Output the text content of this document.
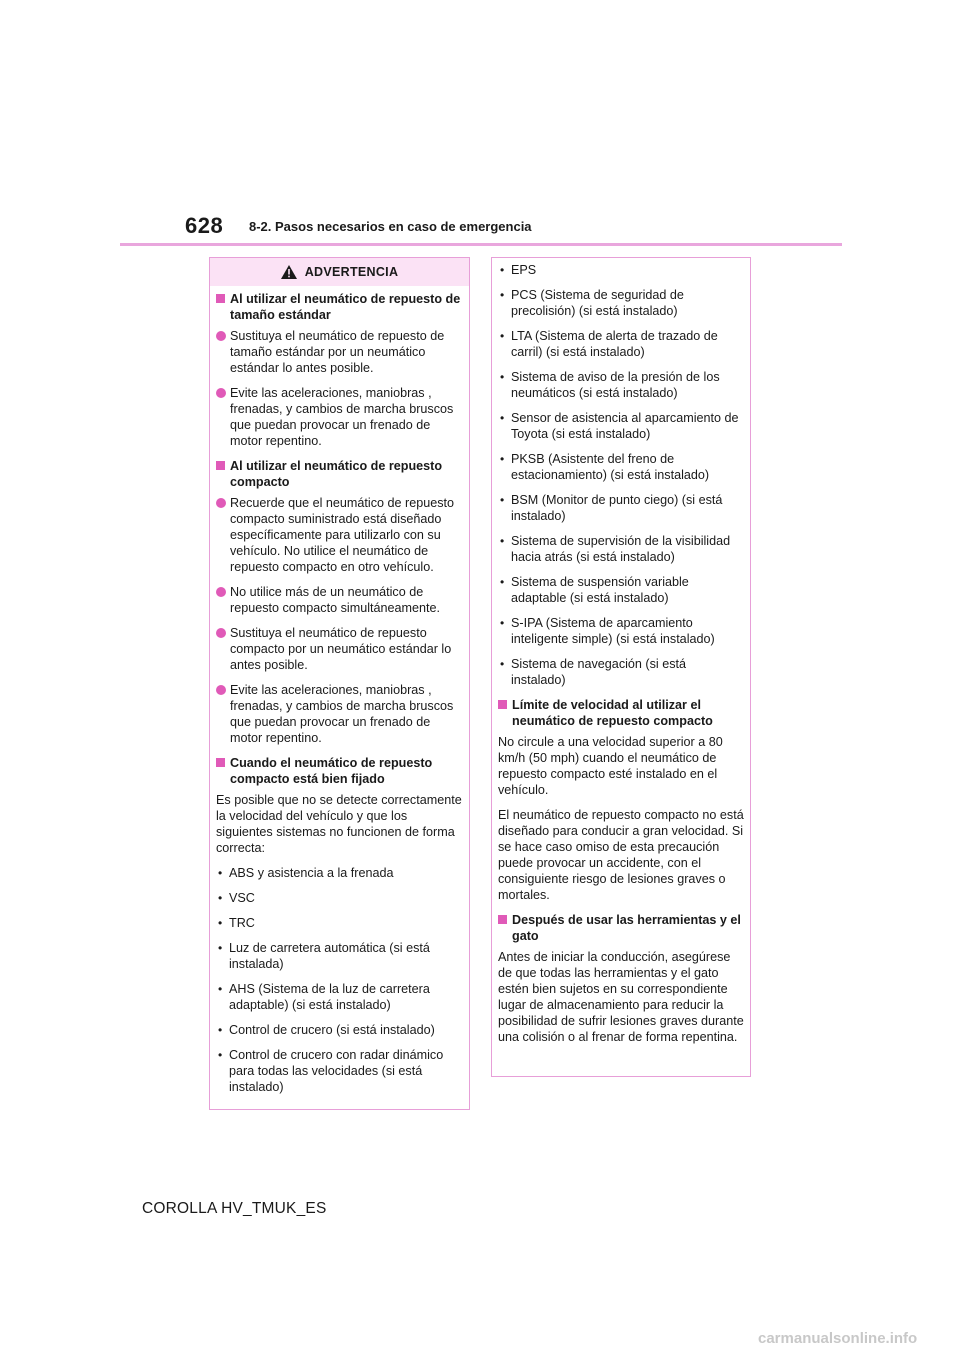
628 8-2. Pasos necesarios en caso de emergencia
ADVERTENCIA
Al utilizar el neumático de repuesto de tamaño estándar
Sustituya el neumático de repuesto de tamaño estándar por un neumático estándar lo antes posible.
Evite las aceleraciones, maniobras , frenadas, y cambios de marcha bruscos que puedan provocar un frenado de motor repentino.
Al utilizar el neumático de repuesto compacto
Recuerde que el neumático de repuesto compacto suministrado está diseñado específicamente para utilizarlo con su vehículo. No utilice el neumático de repuesto compacto en otro vehículo.
No utilice más de un neumático de repuesto compacto simultáneamente.
Sustituya el neumático de repuesto compacto por un neumático estándar lo antes posible.
Evite las aceleraciones, maniobras , frenadas, y cambios de marcha bruscos que puedan provocar un frenado de motor repentino.
Cuando el neumático de repuesto compacto está bien fijado
Es posible que no se detecte correctamente la velocidad del vehículo y que los siguientes sistemas no funcionen de forma correcta:
• ABS y asistencia a la frenada
• VSC
• TRC
• Luz de carretera automática (si está instalada)
• AHS (Sistema de la luz de carretera adaptable) (si está instalado)
• Control de crucero (si está instalado)
• Control de crucero con radar dinámico para todas las velocidades (si está instalado)
• EPS
• PCS (Sistema de seguridad de precolisión) (si está instalado)
• LTA (Sistema de alerta de trazado de carril) (si está instalado)
• Sistema de aviso de la presión de los neumáticos (si está instalado)
• Sensor de asistencia al aparcamiento de Toyota (si está instalado)
• PKSB (Asistente del freno de estacionamiento) (si está instalado)
• BSM (Monitor de punto ciego) (si está instalado)
• Sistema de supervisión de la visibilidad hacia atrás (si está instalado)
• Sistema de suspensión variable adaptable (si está instalado)
• S-IPA (Sistema de aparcamiento inteligente simple) (si está instalado)
• Sistema de navegación (si está instalado)
Límite de velocidad al utilizar el neumático de repuesto compacto
No circule a una velocidad superior a 80 km/h (50 mph) cuando el neumático de repuesto compacto esté instalado en el vehículo.
El neumático de repuesto compacto no está diseñado para conducir a gran velocidad. Si se hace caso omiso de esta precaución puede provocar un accidente, con el consiguiente riesgo de lesiones graves o mortales.
Después de usar las herramientas y el gato
Antes de iniciar la conducción, asegúrese de que todas las herramientas y el gato estén bien sujetos en su correspondiente lugar de almacenamiento para reducir la posibilidad de sufrir lesiones graves durante una colisión o al frenar de forma repentina.
COROLLA HV_TMUK_ES
carmanualsonline.info
